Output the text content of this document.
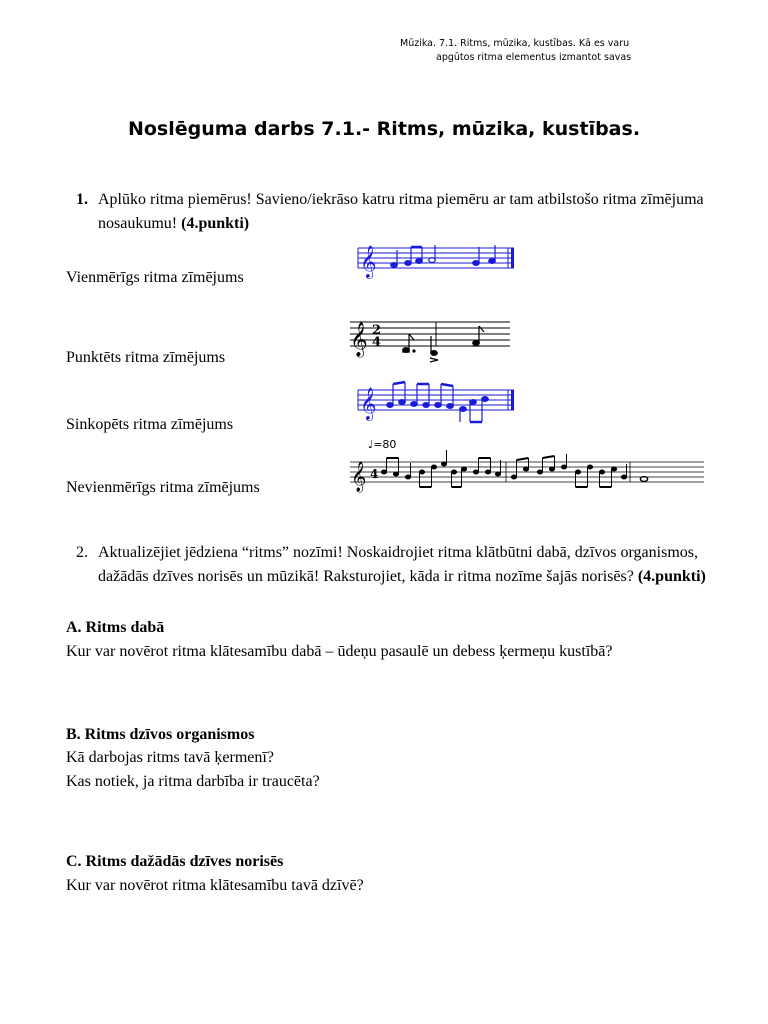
Mūzika. 7.1. Ritms, mūzika, kustības. Kā es varu
apgūtos ritma elementus izmantot savas
Noslēguma darbs 7.1.- Ritms, mūzika, kustības.
1. Aplūko ritma piemērus! Savieno/iekrāso katru ritma piemēru ar tam atbilstošo ritma zīmējuma nosaukumu! (4.punkti)
Vienmērīgs ritma zīmējums
Punktēts ritma zīmējums
Sinkopēts ritma zīmējums
Nevienmērīgs ritma zīmējums
𝄞
𝄞 2
4
𝄞
♩=80
𝄞 4
2. Aktualizējiet jēdziena “ritms” nozīmi! Noskaidrojiet ritma klātbūtni dabā, dzīvos organismos, dažādās dzīves norisēs un mūzikā! Raksturojiet, kāda ir ritma nozīme šajās norisēs? (4.punkti)
A. Ritms dabā
Kur var novērot ritma klātesamību dabā – ūdeņu pasaulē un debess ķermeņu kustībā?
B. Ritms dzīvos organismos
Kā darbojas ritms tavā ķermenī?
Kas notiek, ja ritma darbība ir traucēta?
C. Ritms dažādās dzīves norisēs
Kur var novērot ritma klātesamību tavā dzīvē?
